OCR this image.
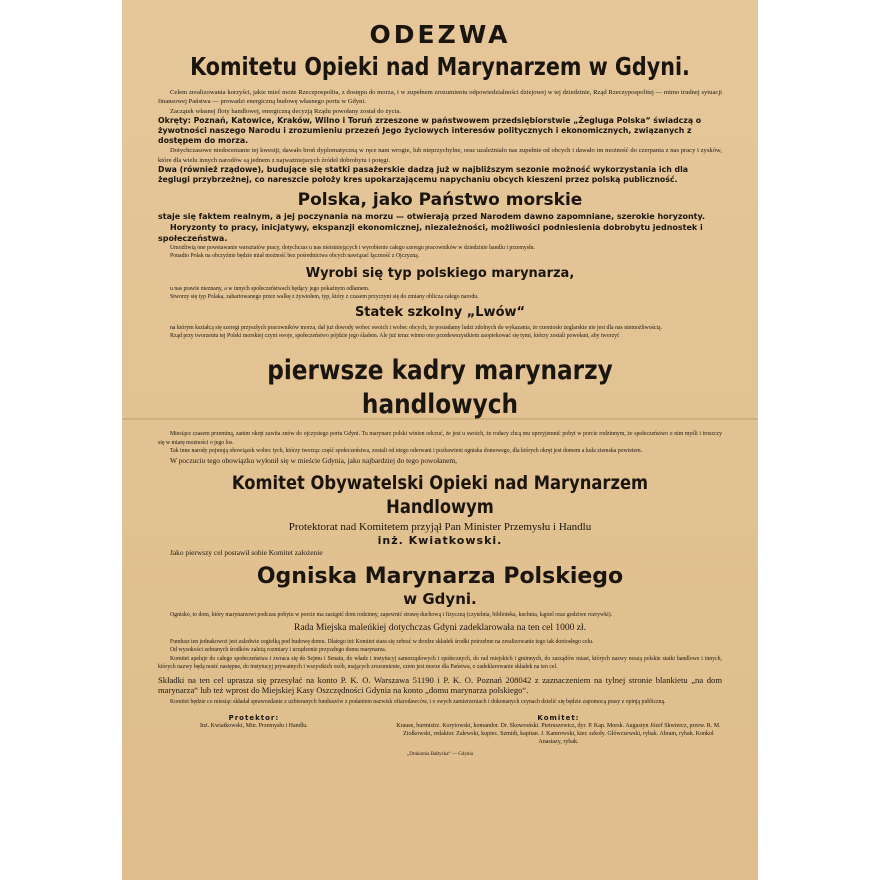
ODEZWA
Komitetu Opieki nad Marynarzem w Gdyni.

Celem zrealizowania korzyści, jakie mieć może Rzeczpospolita, z dostępu do morza, i w zupełnem zrozumieniu odpowiedzialności dziejowej w tej dziedzinie, Rząd Rzeczypospolitej — mimo trudnej sytuacji finansowej Państwa — prowadzi energiczną budowę własnego portu w Gdyni.

Zaczątek własnej floty handlowej, energiczną decyzją Rządu powołany został do życia.

Okręty: Poznań, Katowice, Kraków, Wilno i Toruń zrzeszone w państwowem przedsiębiorstwie „Żegluga Polska“ świadczą o żywotności naszego Narodu i zrozumieniu przezeń Jego życiowych interesów politycznych i ekonomicznych, związanych z dostępem do morza.

Dotychczasowe niedocenianie tej kwestji, dawało broń dyplomatyczną w ręce nam wrogie, lub nieprzychylne, oraz uzależniało nas zupełnie od obcych i dawało im możność do czerpania z nas pracy i zysków, które dla wielu innych narodów są jednem z najważniejszych źródeł dobrobytu i potęgi.

Dwa (również rządowe), budujące się statki pasażerskie dadzą już w najbliższym sezonie możność wykorzystania ich dla żeglugi przybrzeżnej, co nareszcie położy kres upokarzającemu napychaniu obcych kieszeni przez polską publiczność.

Polska, jako Państwo morskie

staje się faktem realnym, a jej poczynania na morzu — otwierają przed Narodem dawno zapomniane, szerokie horyzonty.

Horyzonty to pracy, inicjatywy, ekspanzji ekonomicznej, niezależności, możliwości podniesienia dobrobytu jednostek i społeczeństwa.

Umożliwią one powstawanie warsztatów pracy, dotychczas u nas nieistniejących i wyrobienie całego szeregu pracowników w dziedzinie handlu i przemysłu.

Ponadto Polak na obczyźnie będzie miał możność bez pośrednictwa obcych nawiązać łączność z Ojczyzną.

Wyrobi się typ polskiego marynarza,

u nas prawie nieznany, a w innych społeczeństwach będący jego pokaźnym odłamem.

Stworzy się typ Polaka, zahartowanego przez walkę z żywiołem, typ, który z czasem przyczyni się do zmiany oblicza całego narodu.

Statek szkolny „Lwów“

na którym kształcą się szeregi przyszłych pracowników morza, dał już dowody wobec swoich i wobec obcych, że posiadamy ludzi zdolnych do wykazania, że rzemiosło żeglarskie nie jest dla nas niemożliwością.

Rząd przy tworzeniu tej Polski morskiej czyni swoje, społeczeństwo pójdzie jego śladem. Ale już teraz winno ono przedewszystkiem zaopiekować się tymi, którzy zostali powołani, aby tworzyć

pierwsze kadry marynarzy handlowych

Miesiące czasem przeminą, zanim okręt zawita znów do ojczystego portu Gdyni. Tu marynarz polski winien odczuć, że jest u swoich, że rodacy chcą mu uprzyjemnić pobyt w porcie rodzinnym, że społeczeństwo o nim myśli i troszczy się w miarę możności o jego los.

Tak inne narody pojmują obowiązek wobec tych, którzy tworząc część społeczeństwa, zostali od niego oderwani i pozbawieni ogniska domowego, dla których okręt jest domem a kula ziemska powietem.

W poczuciu tego obowiązku wyłonił się w mieście Gdynia, jako najbardziej do tego powołanem,

Komitet Obywatelski Opieki nad Marynarzem Handlowym
Protektorat nad Komitetem przyjął Pan Minister Przemysłu i Handlu
inż. Kwiatkowski.

Jako pierwszy cel postawił sobie Komitet założenie

Ogniska Marynarza Polskiego
w Gdyni.

Ognisko, to dom, który marynarzowi podczas pobytu w porcie ma zastąpić dom rodzinny, zapewnić strawę duchową i fizyczną (czytelnia, biblioteka, kuchnia, kąpiel oraz godziwe rozrywki).

Rada Miejska maleńkiej dotychczas Gdyni zadeklarowała na ten cel 1000 zł.

Fundusz ten jednakowoż jest zaledwie cegiełką pod budowę domu. Dlatego też Komitet stara się zebrać w drodze składek środki potrzebne na zrealizowanie tego tak doniosłego celu.

Od wysokości zebranych środków zależą rozmiary i urządzenie przyszłego domu marynarza.

Komitet apeluje do całego społeczeństwa i zwraca się do Sejmu i Senatu, do władz i instytucyj samorządowych i społecznych, do rad miejskich i gminnych, do zarządów miast, których nazwy noszą polskie statki handlowe i innych, których nazwy będą nosić następne, do instytucyj prywatnych i wszystkich osób, mających zrozumienie, czem jest morze dla Państwa, o zadeklarowanie składek na ten cel.

Składki na ten cel uprasza się przesyłać na konto P. K. O. Warszawa 51190 i P. K. O. Poznań 208042 z zaznaczeniem na tylnej stronie blankietu „na dom marynarza“ lub też wprost do Miejskiej Kasy Oszczędności Gdynia na konto „domu marynarza polskiego“.

Komitet będzie co miesiąc składał sprawozdanie z uzbieranych funduszów z podaniem nazwisk ofiarodawców, i o swych zamierzeniach i dokonanych czynach dzielić się będzie zapomocą prasy z opinją publiczną.

Protektor:
Inż. Kwiatkowski, Min. Przemysłu i Handlu.
Komitet:
Krause, burmistrz. Korytowski, komandor. Dr. Skowroński. Pietruszewicz, dyr. P. Kap. Morsk. Augustyn Józef Skwiercz, przew. R. M. Ziołkowski, redaktor. Zalewski, kupiec. Szmidt, kapitan. J. Kamrowski, kier. szkoły. Główczewski, rybak. Abram, rybak. Konkol Anastazy, rybak.
„Drukarnia Bałtycka“ — Gdynia
